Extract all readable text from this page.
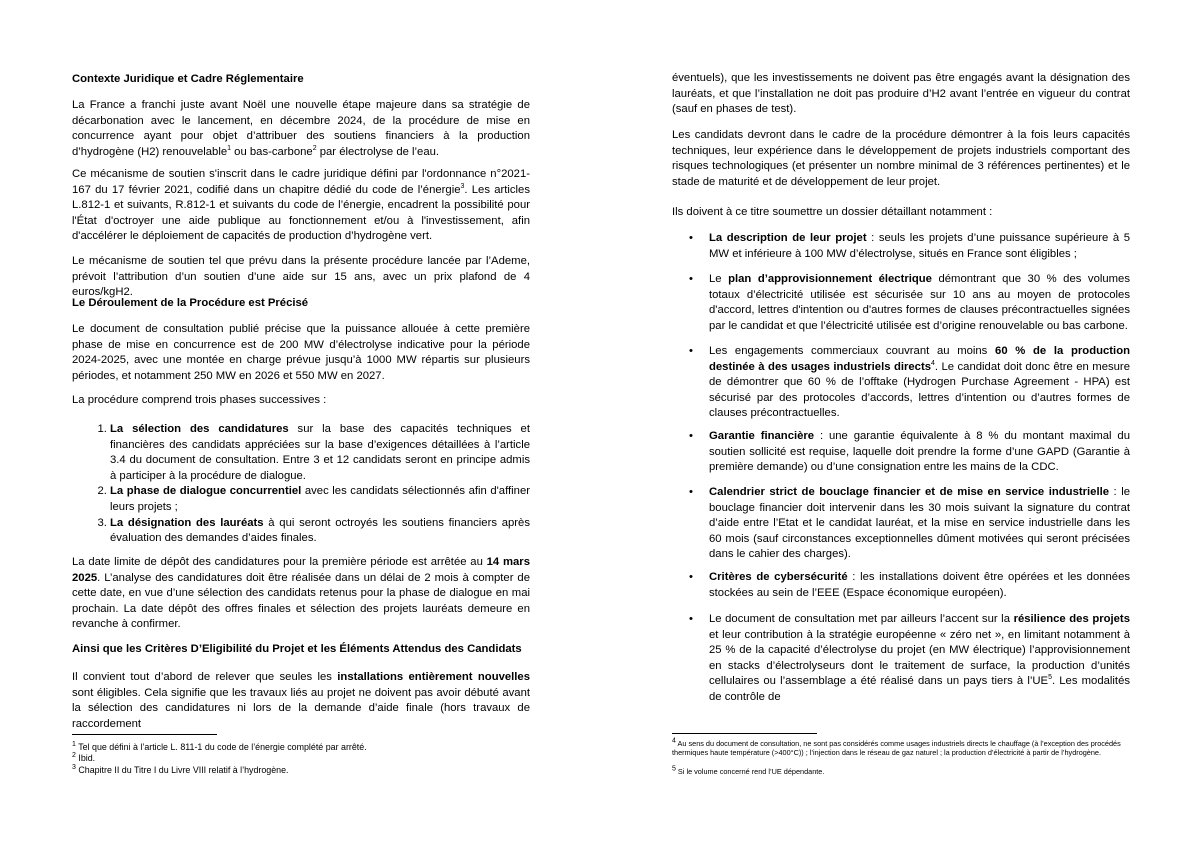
Contexte Juridique et Cadre Réglementaire

La France a franchi juste avant Noël une nouvelle étape majeure dans sa stratégie de décarbonation avec le lancement, en décembre 2024, de la procédure de mise en concurrence ayant pour objet d’attribuer des soutiens financiers à la production d’hydrogène (H2) renouvelable$^1$ ou bas-carbone$^2$ par électrolyse de l’eau.

Ce mécanisme de soutien s'inscrit dans le cadre juridique défini par l'ordonnance n°2021-167 du 17 février 2021, codifié dans un chapitre dédié du code de l’énergie$^3$. Les articles L.812-1 et suivants, R.812-1 et suivants du code de l’énergie, encadrent la possibilité pour l'État d'octroyer une aide publique au fonctionnement et/ou à l'investissement, afin d'accélérer le déploiement de capacités de production d’hydrogène vert.

Le mécanisme de soutien tel que prévu dans la présente procédure lancée par l’Ademe, prévoit l’attribution d’un soutien d’une aide sur 15 ans, avec un prix plafond de 4 euros/kgH2.

Le Déroulement de la Procédure est Précisé

Le document de consultation publié précise que la puissance allouée à cette première phase de mise en concurrence est de 200 MW d’électrolyse indicative pour la période 2024-2025, avec une montée en charge prévue jusqu’à 1000 MW répartis sur plusieurs périodes, et notamment 250 MW en 2026 et 550 MW en 2027.

La procédure comprend trois phases successives :

1. La sélection des candidatures sur la base des capacités techniques et financières des candidats appréciées sur la base d’exigences détaillées à l’article 3.4 du document de consultation. Entre 3 et 12 candidats seront en principe admis à participer à la procédure de dialogue.
2. La phase de dialogue concurrentiel avec les candidats sélectionnés afin d'affiner leurs projets ;
3. La désignation des lauréats à qui seront octroyés les soutiens financiers après évaluation des demandes d’aides finales.

La date limite de dépôt des candidatures pour la première période est arrêtée au 14 mars 2025. L’analyse des candidatures doit être réalisée dans un délai de 2 mois à compter de cette date, en vue d’une sélection des candidats retenus pour la phase de dialogue en mai prochain. La date dépôt des offres finales et sélection des projets lauréats demeure en revanche à confirmer.

Ainsi que les Critères D’Eligibilité du Projet et les Éléments Attendus des Candidats

Il convient tout d’abord de relever que seules les installations entièrement nouvelles sont éligibles. Cela signifie que les travaux liés au projet ne doivent pas avoir débuté avant la sélection des candidatures ni lors de la demande d’aide finale (hors travaux de raccordement

$^1$ Tel que défini à l’article L. 811-1 du code de l’énergie complété par arrêté.

$^2$ Ibid.

$^3$ Chapitre II du Titre I du Livre VIII relatif à l’hydrogène.

éventuels), que les investissements ne doivent pas être engagés avant la désignation des lauréats, et que l’installation ne doit pas produire d’H2 avant l’entrée en vigueur du contrat (sauf en phases de test).

Les candidats devront dans le cadre de la procédure démontrer à la fois leurs capacités techniques, leur expérience dans le développement de projets industriels comportant des risques technologiques (et présenter un nombre minimal de 3 références pertinentes) et le stade de maturité et de développement de leur projet.

Ils doivent à ce titre soumettre un dossier détaillant notamment :

• La description de leur projet : seuls les projets d’une puissance supérieure à 5 MW et inférieure à 100 MW d’électrolyse, situés en France sont éligibles ;
• Le plan d’approvisionnement électrique démontrant que 30 % des volumes totaux d’électricité utilisée est sécurisée sur 10 ans au moyen de protocoles d'accord, lettres d'intention ou d'autres formes de clauses précontractuelles signées par le candidat et que l’électricité utilisée est d’origine renouvelable ou bas carbone.
• Les engagements commerciaux couvrant au moins 60 % de la production destinée à des usages industriels directs$^4$. Le candidat doit donc être en mesure de démontrer que 60 % de l’offtake (Hydrogen Purchase Agreement - HPA) est sécurisé par des protocoles d’accords, lettres d’intention ou d’autres formes de clauses précontractuelles.
• Garantie financière : une garantie équivalente à 8 % du montant maximal du soutien sollicité est requise, laquelle doit prendre la forme d’une GAPD (Garantie à première demande) ou d’une consignation entre les mains de la CDC.
• Calendrier strict de bouclage financier et de mise en service industrielle : le bouclage financier doit intervenir dans les 30 mois suivant la signature du contrat d’aide entre l’Etat et le candidat lauréat, et la mise en service industrielle dans les 60 mois (sauf circonstances exceptionnelles dûment motivées qui seront précisées dans le cahier des charges).
• Critères de cybersécurité : les installations doivent être opérées et les données stockées au sein de l’EEE (Espace économique européen).
• Le document de consultation met par ailleurs l’accent sur la résilience des projets et leur contribution à la stratégie européenne « zéro net », en limitant notamment à 25 % de la capacité d’électrolyse du projet (en MW électrique) l’approvisionnement en stacks d’électrolyseurs dont le traitement de surface, la production d’unités cellulaires ou l’assemblage a été réalisé dans un pays tiers à $l’UE^5$. Les modalités de contrôle de

$^4$ Au sens du document de consultation, ne sont pas considérés comme usages industriels directs le chauffage (à l’exception des procédés thermiques haute température (>400°C)) ; l’injection dans le réseau de gaz naturel ; la production d’électricité à partir de l’hydrogène.

$^5$ Si le volume concerné rend l’UE dépendante.
